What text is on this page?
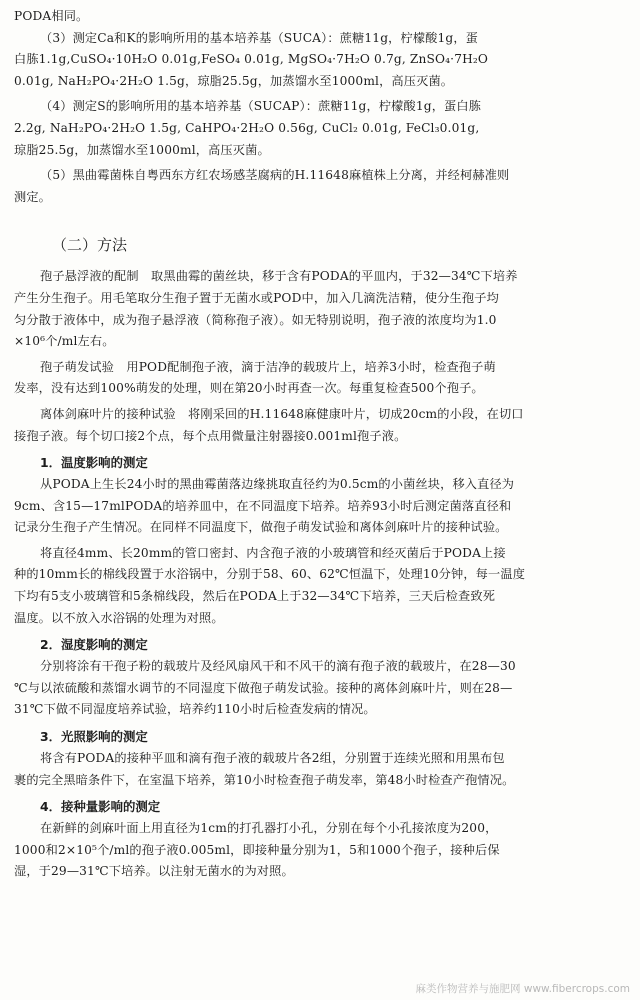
PODA相同。
（3）测定Ca和K的影响所用的基本培养基（SUCA）：蔗糖11g，柠檬酸1g，蛋
白胨1.1g,CuSO₄·10H₂O 0.01g,FeSO₄ 0.01g, MgSO₄·7H₂O 0.7g, ZnSO₄·7H₂O
0.01g, NaH₂PO₄·2H₂O 1.5g，琼脂25.5g，加蒸馏水至1000ml，高压灭菌。
（4）测定S的影响所用的基本培养基（SUCAP）：蔗糖11g，柠檬酸1g，蛋白胨
2.2g, NaH₂PO₄·2H₂O 1.5g, CaHPO₄·2H₂O 0.56g, CuCl₂ 0.01g, FeCl₃0.01g,
琼脂25.5g，加蒸馏水至1000ml，高压灭菌。
（5）黑曲霉菌株自粤西东方红农场感茎腐病的H.11648麻植株上分离，并经柯赫准则
测定。
（二）方法
孢子悬浮液的配制　取黑曲霉的菌丝块，移于含有PODA的平皿内，于32—34℃下培养
产生分生孢子。用毛笔取分生孢子置于无菌水或POD中，加入几滴洗洁精，使分生孢子均
匀分散于液体中，成为孢子悬浮液（简称孢子液）。如无特别说明，孢子液的浓度均为1.0
×10⁶个/ml左右。
孢子萌发试验　用POD配制孢子液，滴于洁净的载玻片上，培养3小时，检查孢子萌
发率，没有达到100%萌发的处理，则在第20小时再查一次。每重复检查500个孢子。
离体剑麻叶片的接种试验　将刚采回的H.11648麻健康叶片，切成20cm的小段，在切口
接孢子液。每个切口接2个点，每个点用微量注射器接0.001ml孢子液。
1．温度影响的测定
从PODA上生长24小时的黑曲霉菌落边缘挑取直径约为0.5cm的小菌丝块，移入直径为
9cm、含15—17mlPODA的培养皿中，在不同温度下培养。培养93小时后测定菌落直径和
记录分生孢子产生情况。在同样不同温度下，做孢子萌发试验和离体剑麻叶片的接种试验。
将直径4mm、长20mm的管口密封、内含孢子液的小玻璃管和经灭菌后于PODA上接
种的10mm长的棉线段置于水浴锅中，分别于58、60、62℃恒温下，处理10分钟，每一温度
下均有5支小玻璃管和5条棉线段，然后在PODA上于32—34℃下培养，三天后检查致死
温度。以不放入水浴锅的处理为对照。
2．湿度影响的测定
分别将涂有干孢子粉的载玻片及经风扇风干和不风干的滴有孢子液的载玻片，在28—30
℃与以浓硫酸和蒸馏水调节的不同湿度下做孢子萌发试验。接种的离体剑麻叶片，则在28—
31℃下做不同湿度培养试验，培养约110小时后检查发病的情况。
3．光照影响的测定
将含有PODA的接种平皿和滴有孢子液的载玻片各2组，分别置于连续光照和用黑布包
裹的完全黑暗条件下，在室温下培养，第10小时检查孢子萌发率，第48小时检查产孢情况。
4．接种量影响的测定
在新鲜的剑麻叶面上用直径为1cm的打孔器打小孔，分别在每个小孔接浓度为200，
1000和2×10⁵个/ml的孢子液0.005ml，即接种量分别为1，5和1000个孢子，接种后保
湿，于29—31℃下培养。以注射无菌水的为对照。
麻类作物营养与施肥网 www.fibercrops.com
